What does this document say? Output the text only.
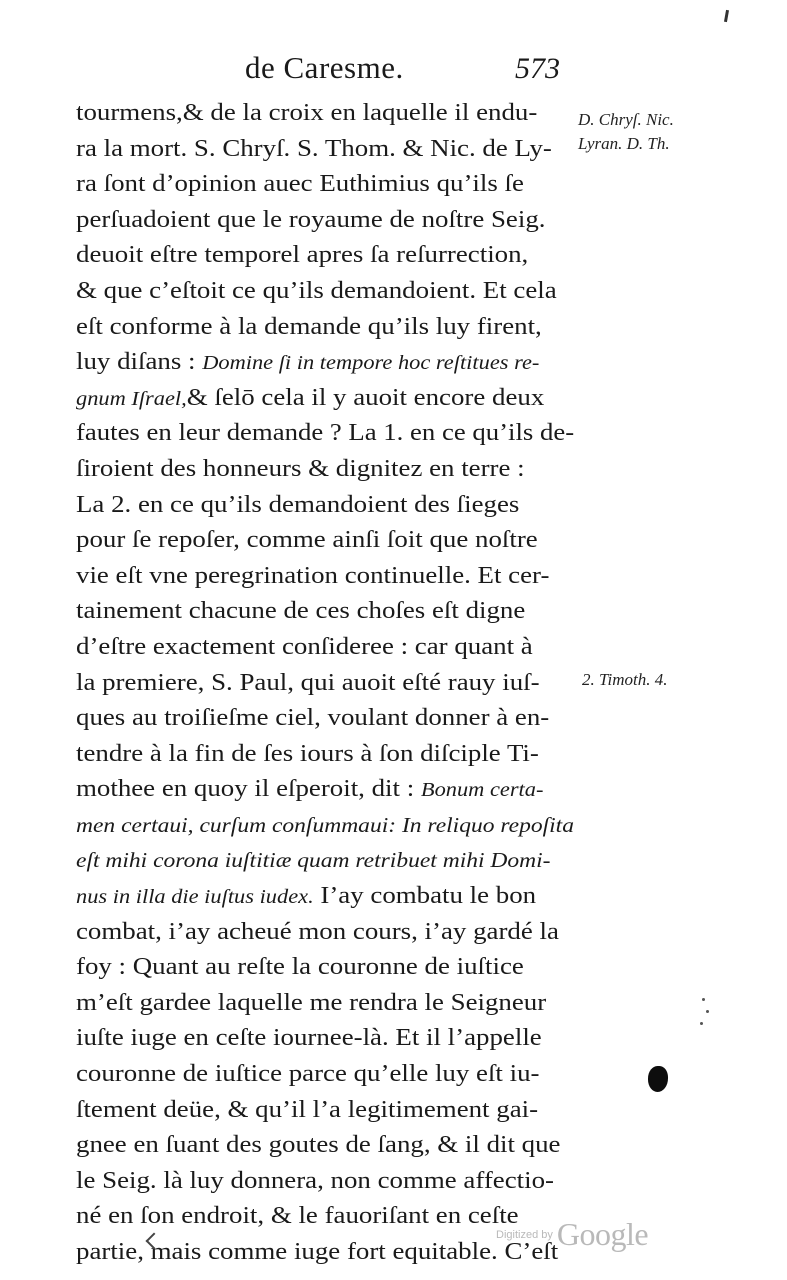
de Caresme.	573
tourmens,& de la croix en laquelle il endu-
ra la mort. S. Chryſ. S. Thom. & Nic. de Ly-
ra ſont d’opinion auec Euthimius qu’ils ſe
perſuadoient que le royaume de noſtre Seig.
deuoit eſtre temporel apres ſa reſurrection,
& que c’eſtoit ce qu’ils demandoient. Et cela
eſt conforme à la demande qu’ils luy firent,
luy diſans : Domine ſi in tempore hoc reſtitues re-
gnum Iſrael,& ſelō cela il y auoit encore deux
fautes en leur demande ? La 1. en ce qu’ils de-
ſiroient des honneurs & dignitez en terre :
La 2. en ce qu’ils demandoient des ſieges
pour ſe repoſer, comme ainſi ſoit que noſtre
vie eſt vne peregrination continuelle. Et cer-
tainement chacune de ces choſes eſt digne
d’eſtre exactement conſideree : car quant à
la premiere, S. Paul, qui auoit eſté rauy iuſ-
ques au troiſieſme ciel, voulant donner à en-
tendre à la fin de ſes iours à ſon diſciple Ti-
mothee en quoy il eſperoit, dit : Bonum certa-
men certaui, curſum conſummaui: In reliquo repoſita
eſt mihi corona iuſtitiæ quam retribuet mihi Domi-
nus in illa die iuſtus iudex. I’ay combatu le bon
combat, i’ay acheué mon cours, i’ay gardé la
foy : Quant au reſte la couronne de iuſtice
m’eſt gardee laquelle me rendra le Seigneur
iuſte iuge en ceſte iournee-là. Et il l’appelle
couronne de iuſtice parce qu’elle luy eſt iu-
ſtement deüe, & qu’il l’a legitimement gai-
gnee en ſuant des goutes de ſang, & il dit que
le Seig. là luy donnera, non comme affectio-
né en ſon endroit, & le fauoriſant en ceſte
partie, mais comme iuge fort equitable. C’eſt
D. Chryſ. Nic.
Lyran. D. Th.
2. Timoth. 4.
Digitized by Google
